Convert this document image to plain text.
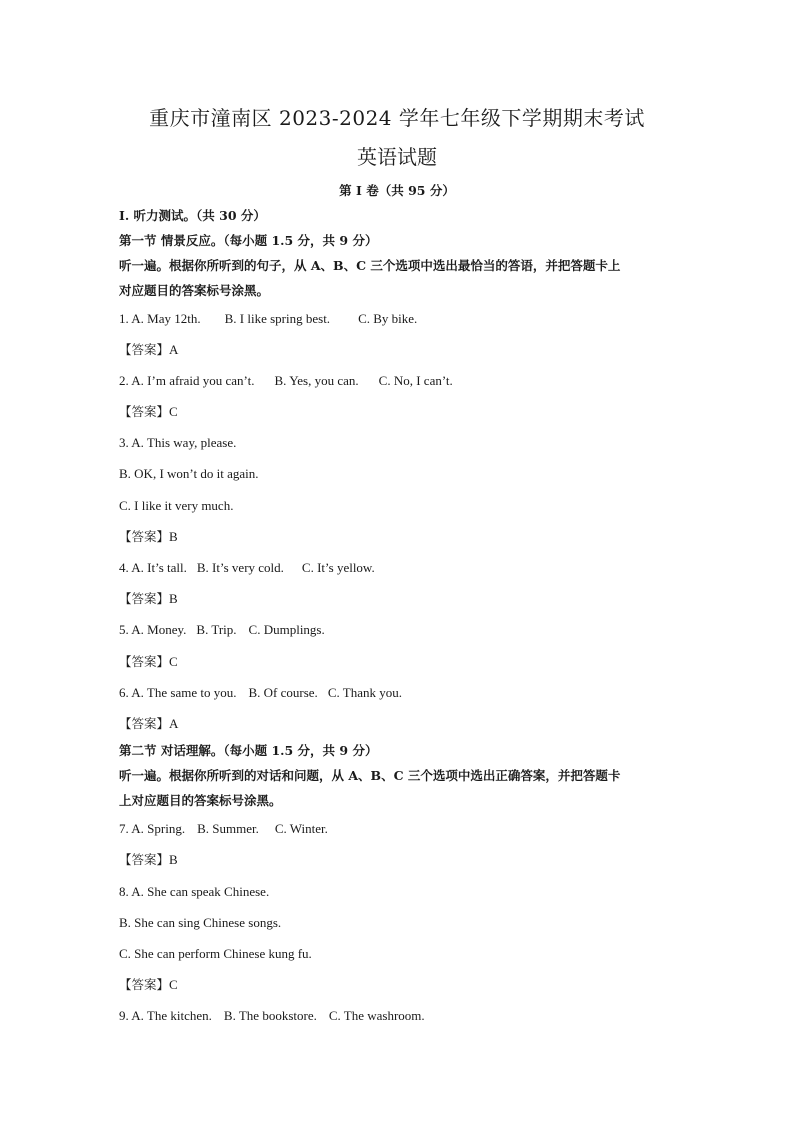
重庆市潼南区 2023-2024 学年七年级下学期期末考试
英语试题
第 I 卷（共 95 分）
Ⅰ. 听力测试。（共 30 分）
第一节 情景反应。（每小题 1.5 分，共 9 分）
听一遍。根据你所听到的句子，从 A、B、C 三个选项中选出最恰当的答语，并把答题卡上
对应题目的答案标号涂黑。
1. A. May 12th. B. I like spring best. C. By bike.
【答案】A
2. A. I’m afraid you can’t. B. Yes, you can. C. No, I can’t.
【答案】C
3. A. This way, please.
B. OK, I won’t do it again.
C. I like it very much.
【答案】B
4. A. It’s tall. B. It’s very cold. C. It’s yellow.
【答案】B
5. A. Money. B. Trip. C. Dumplings.
【答案】C
6. A. The same to you. B. Of course. C. Thank you.
【答案】A
第二节 对话理解。（每小题 1.5 分，共 9 分）
听一遍。根据你所听到的对话和问题，从 A、B、C 三个选项中选出正确答案，并把答题卡
上对应题目的答案标号涂黑。
7. A. Spring. B. Summer. C. Winter.
【答案】B
8. A. She can speak Chinese.
B. She can sing Chinese songs.
C. She can perform Chinese kung fu.
【答案】C
9. A. The kitchen. B. The bookstore. C. The washroom.
